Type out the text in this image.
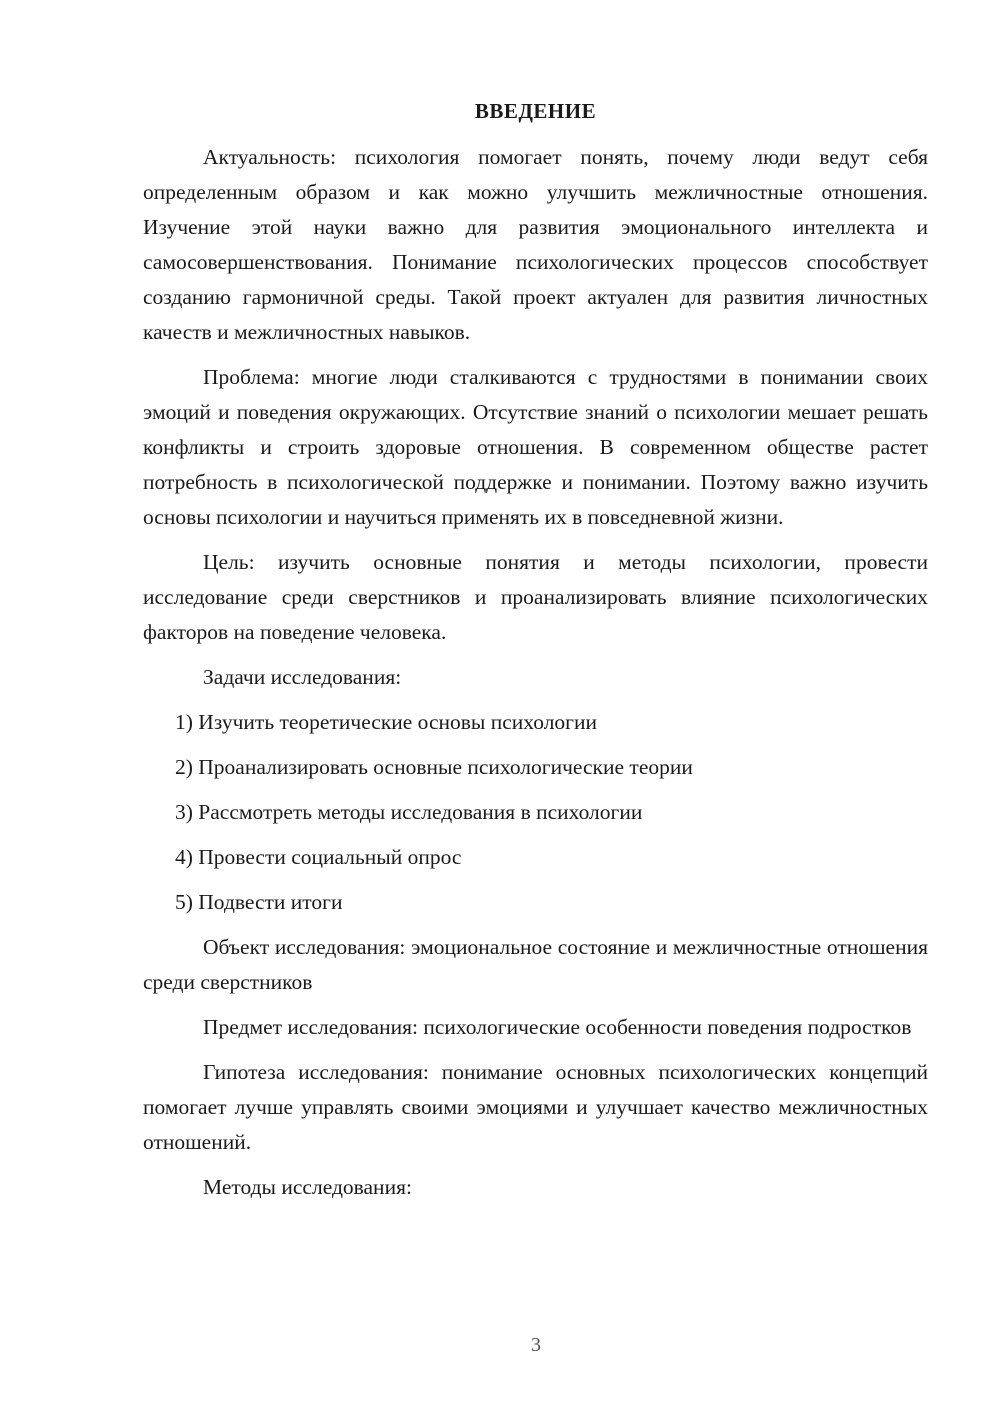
ВВЕДЕНИЕ

Актуальность: психология помогает понять, почему люди ведут себя определенным образом и как можно улучшить межличностные отношения. Изучение этой науки важно для развития эмоционального интеллекта и самосовершенствования. Понимание психологических процессов способствует созданию гармоничной среды. Такой проект актуален для развития личностных качеств и межличностных навыков.

Проблема: многие люди сталкиваются с трудностями в понимании своих эмоций и поведения окружающих. Отсутствие знаний о психологии мешает решать конфликты и строить здоровые отношения. В современном обществе растет потребность в психологической поддержке и понимании. Поэтому важно изучить основы психологии и научиться применять их в повседневной жизни.

Цель: изучить основные понятия и методы психологии, провести исследование среди сверстников и проанализировать влияние психологических факторов на поведение человека.

Задачи исследования:
1) Изучить теоретические основы психологии
2) Проанализировать основные психологические теории
3) Рассмотреть методы исследования в психологии
4) Провести социальный опрос
5) Подвести итоги

Объект исследования: эмоциональное состояние и межличностные отношения среди сверстников

Предмет исследования: психологические особенности поведения подростков

Гипотеза исследования: понимание основных психологических концепций помогает лучше управлять своими эмоциями и улучшает качество межличностных отношений.

Методы исследования:

3
